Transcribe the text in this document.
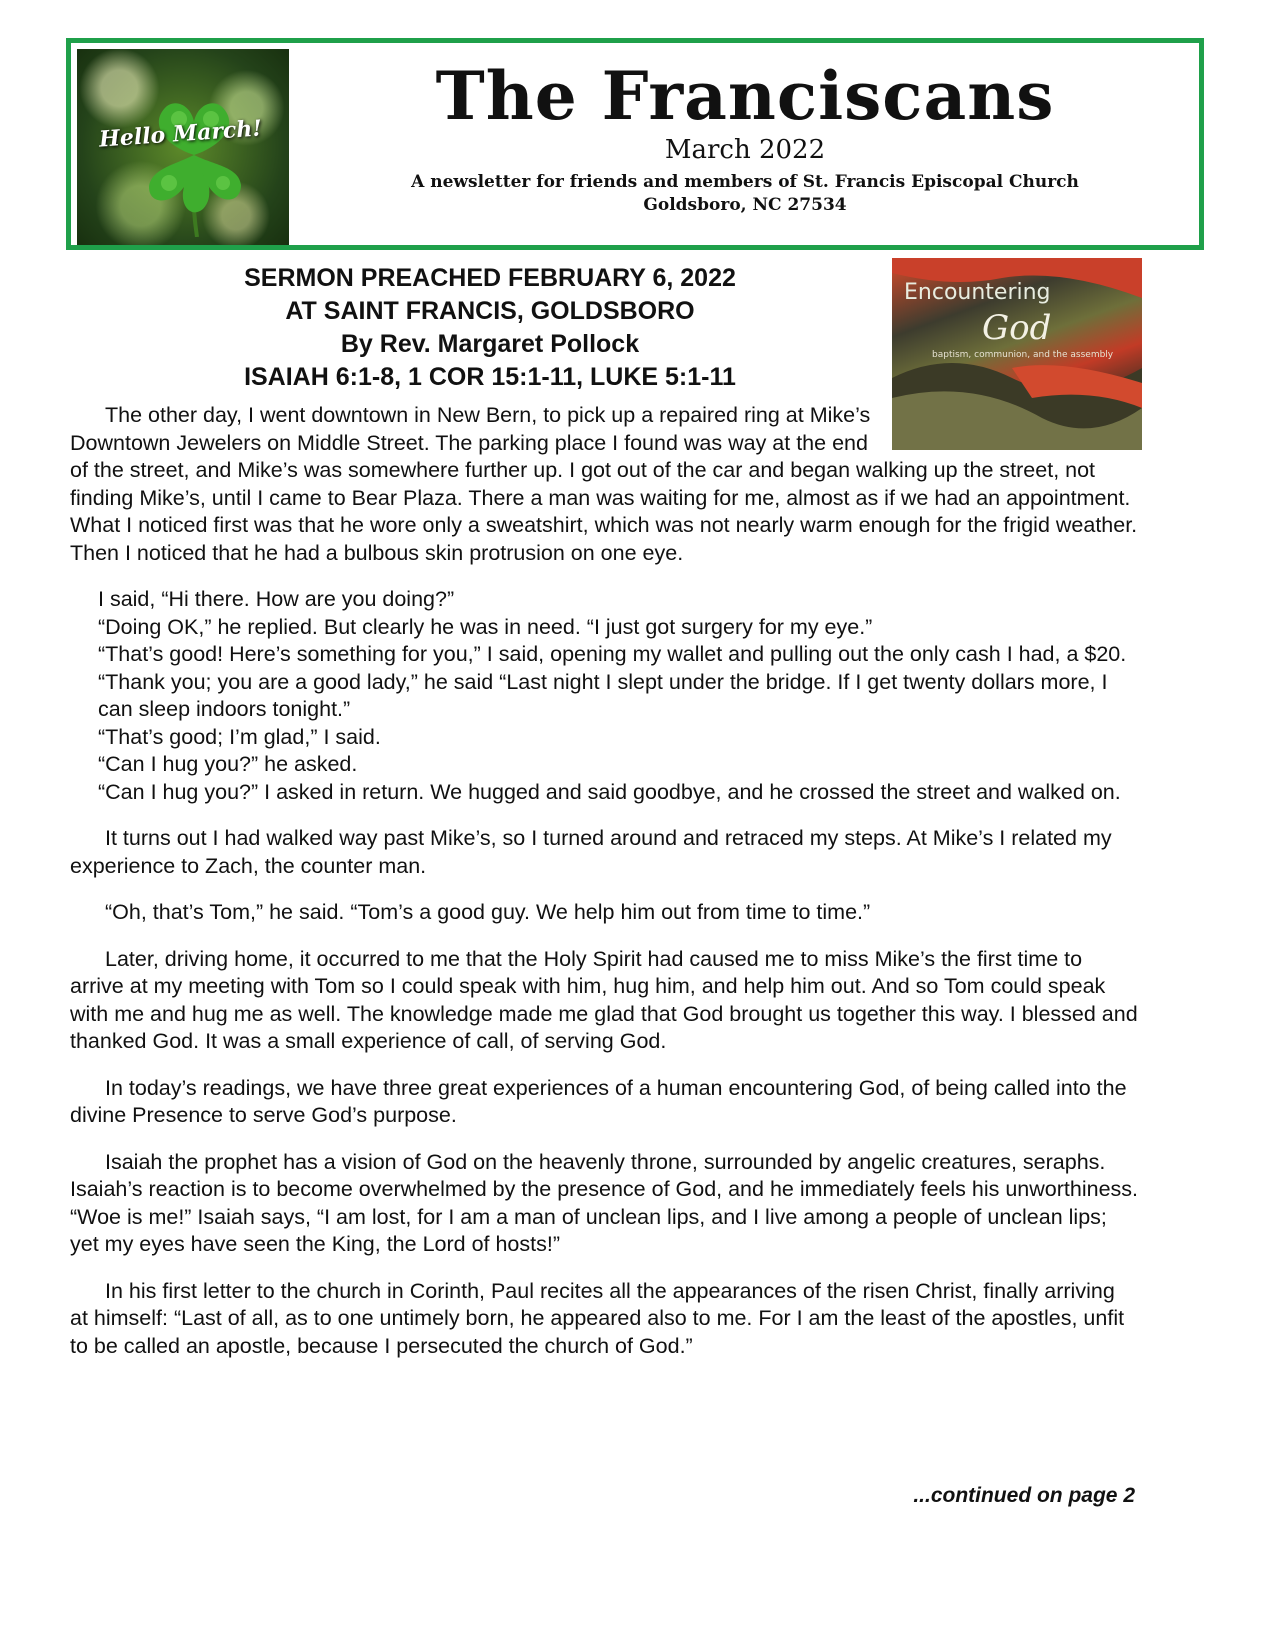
Hello March!	The Franciscans
March 2022
A newsletter for friends and members of St. Francis Episcopal Church
Goldsboro, NC 27534
SERMON PREACHED FEBRUARY 6, 2022
AT SAINT FRANCIS, GOLDSBORO
By Rev. Margaret Pollock
ISAIAH 6:1-8, 1 COR 15:1-11, LUKE 5:1-11
Encountering
God
baptism, communion, and the assembly

The other day, I went downtown in New Bern, to pick up a repaired ring at Mike’s Downtown Jewelers on Middle Street. The parking place I found was way at the end of the street, and Mike’s was somewhere further up. I got out of the car and began walking up the street, not finding Mike’s, until I came to Bear Plaza. There a man was waiting for me, almost as if we had an appointment. What I noticed first was that he wore only a sweatshirt, which was not nearly warm enough for the frigid weather. Then I noticed that he had a bulbous skin protrusion on one eye.

I said, “Hi there. How are you doing?”
“Doing OK,” he replied. But clearly he was in need. “I just got surgery for my eye.”
“That’s good! Here’s something for you,” I said, opening my wallet and pulling out the only cash I had, a $20.
“Thank you; you are a good lady,” he said “Last night I slept under the bridge. If I get twenty dollars more, I can sleep indoors tonight.”
“That’s good; I’m glad,” I said.
“Can I hug you?” he asked.
“Can I hug you?” I asked in return. We hugged and said goodbye, and he crossed the street and walked on.

It turns out I had walked way past Mike’s, so I turned around and retraced my steps. At Mike’s I related my experience to Zach, the counter man.

“Oh, that’s Tom,” he said. “Tom’s a good guy. We help him out from time to time.”

Later, driving home, it occurred to me that the Holy Spirit had caused me to miss Mike’s the first time to arrive at my meeting with Tom so I could speak with him, hug him, and help him out. And so Tom could speak with me and hug me as well. The knowledge made me glad that God brought us together this way. I blessed and thanked God. It was a small experience of call, of serving God.

In today’s readings, we have three great experiences of a human encountering God, of being called into the divine Presence to serve God’s purpose.

Isaiah the prophet has a vision of God on the heavenly throne, surrounded by angelic creatures, seraphs. Isaiah’s reaction is to become overwhelmed by the presence of God, and he immediately feels his unworthiness. “Woe is me!” Isaiah says, “I am lost, for I am a man of unclean lips, and I live among a people of unclean lips; yet my eyes have seen the King, the Lord of hosts!”

In his first letter to the church in Corinth, Paul recites all the appearances of the risen Christ, finally arriving at himself: “Last of all, as to one untimely born, he appeared also to me. For I am the least of the apostles, unfit to be called an apostle, because I persecuted the church of God.”

...continued on page 2
